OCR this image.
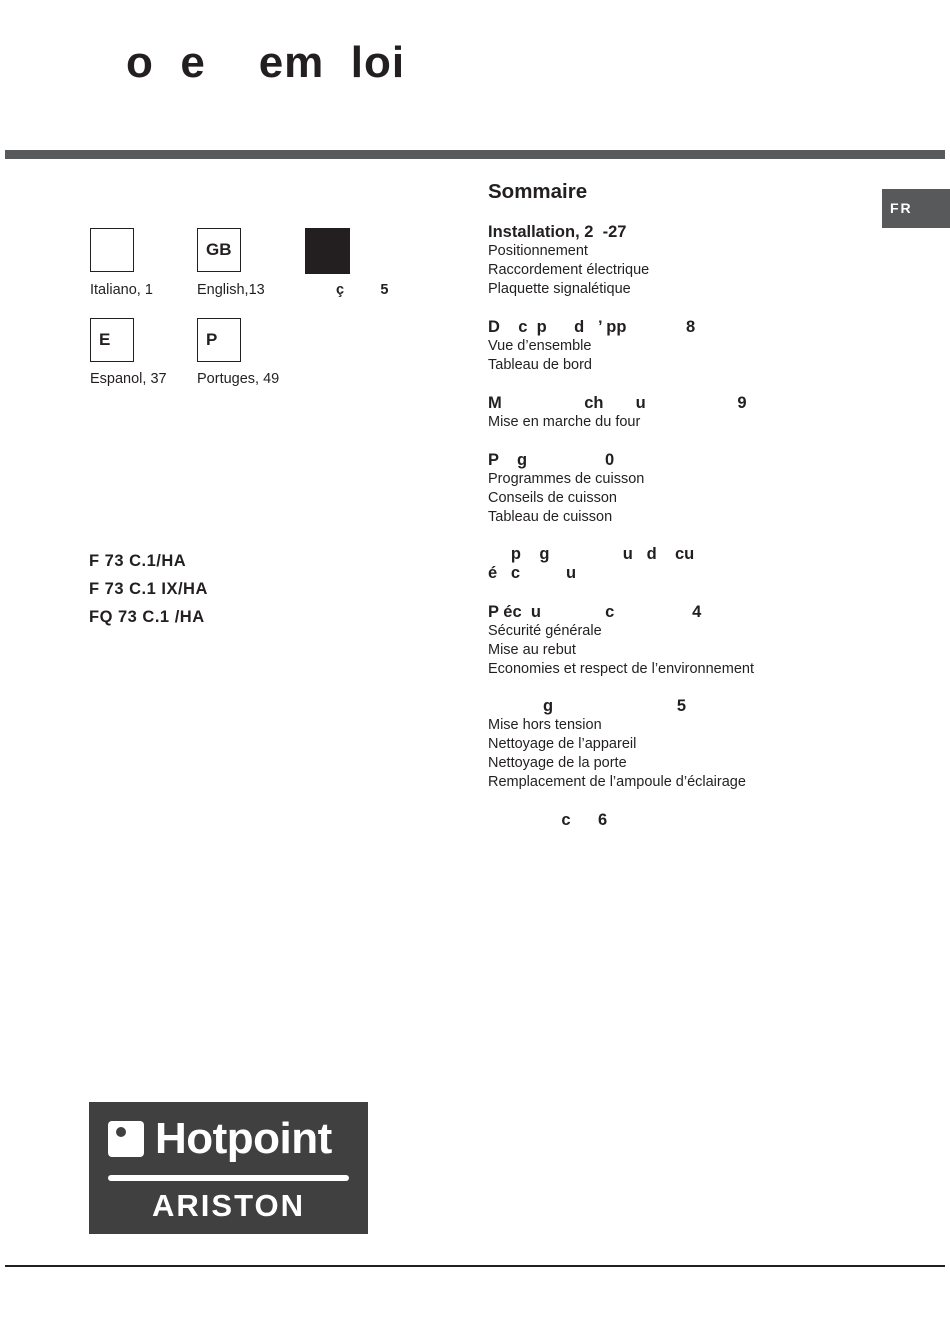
o  e    em  loi
FR
GB
Italiano, 1	English,13	ç         5
E	P
Espanol, 37 Portuges, 49
F 73 C.1/HA
F 73 C.1 IX/HA
FQ 73 C.1 /HA
Sommaire
Installation, 2  -27
Positionnement
Raccordement électrique
Plaquette signalétique
D    c  p      d   ’ pp             8
Vue d’ensemble
Tableau de bord
M                  ch       u                    9
Mise en marche du four
P    g                 0
Programmes de cuisson
Conseils de cuisson
Tableau de cuisson
p    g                u   d    cu
é   c          u
P éc  u              c                 4
Sécurité générale
Mise au rebut
Economies et respect de l’environnement
g                           5
Mise hors tension
Nettoyage de l’appareil
Nettoyage de la porte
Remplacement de l’ampoule d’éclairage
c      6
Hotpoint
ARISTON
